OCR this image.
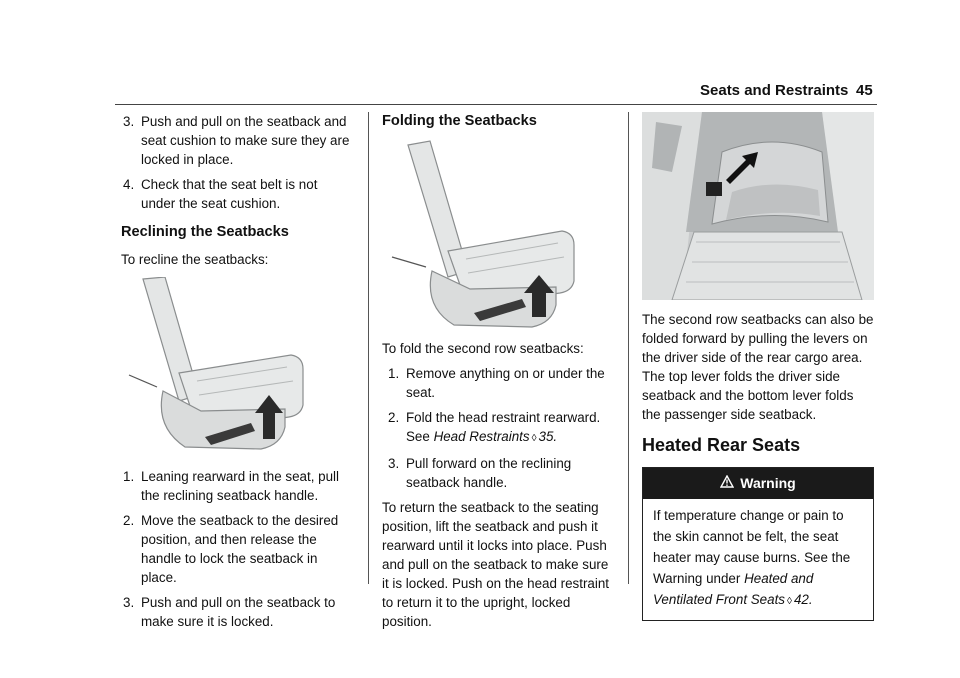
Seats and Restraints 45
3. Push and pull on the seatback and seat cushion to make sure they are locked in place.
4. Check that the seat belt is not under the seat cushion.
Reclining the Seatbacks

To recline the seatbacks:

1. Leaning rearward in the seat, pull the reclining seatback handle.
2. Move the seatback to the desired position, and then release the handle to lock the seatback in place.
3. Push and pull on the seatback to make sure it is locked.
Folding the Seatbacks

To fold the second row seatbacks:

1. Remove anything on or under the seat.
2. Fold the head restraint rearward. See Head Restraints ◊ 35.
3. Pull forward on the reclining seatback handle.

To return the seatback to the seating position, lift the seatback and push it rearward until it locks into place. Push and pull on the seatback to make sure it is locked. Push on the head restraint to return it to the upright, locked position.

The second row seatbacks can also be folded forward by pulling the levers on the driver side of the rear cargo area. The top lever folds the driver side seatback and the bottom lever folds the passenger side seatback.

Heated Rear Seats
Warning
If temperature change or pain to the skin cannot be felt, the seat heater may cause burns. See the Warning under Heated and Ventilated Front Seats ◊ 42.
